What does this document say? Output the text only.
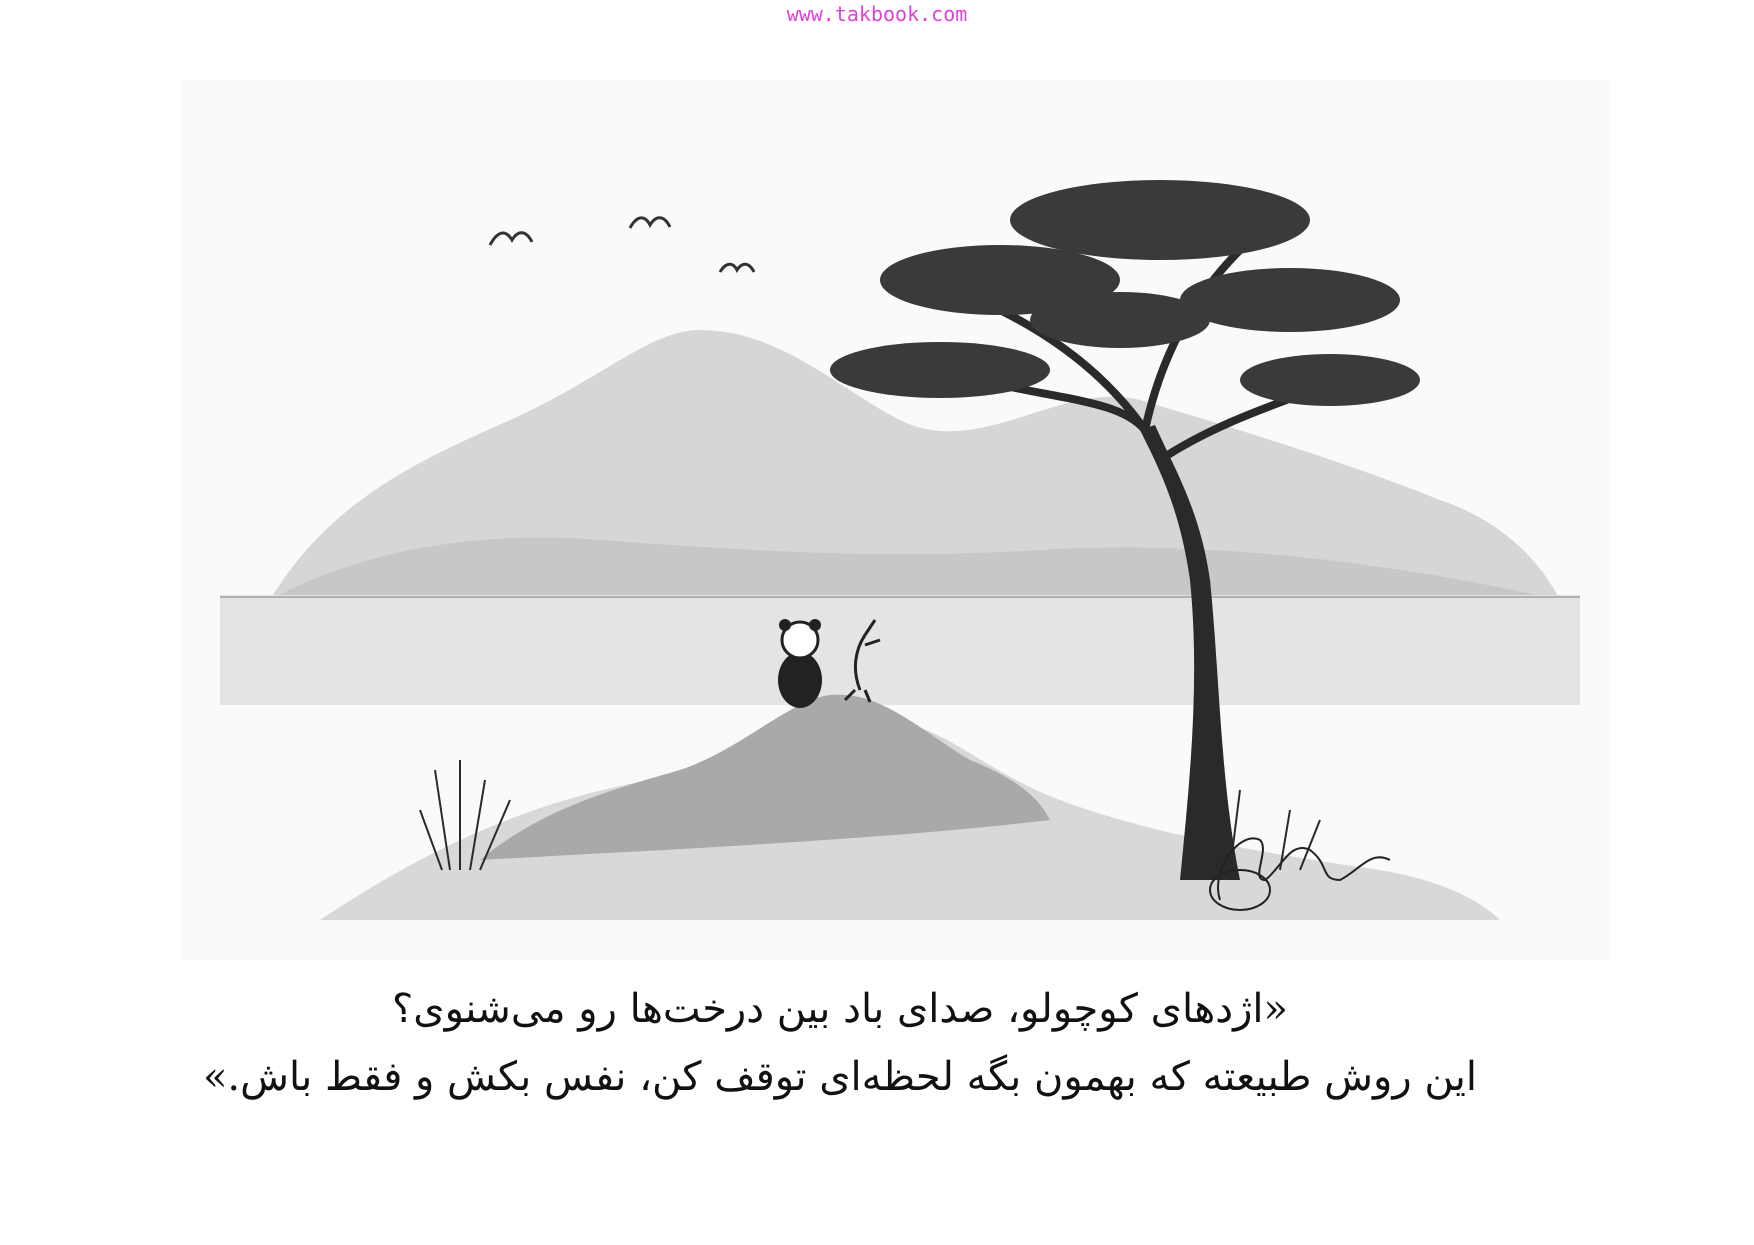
www.takbook.com
«اژدهای کوچولو، صدای باد بین درخت‌ها رو می‌شنوی؟
این روش طبیعته که بهمون بگه لحظه‌ای توقف کن، نفس بکش و فقط باش.»
